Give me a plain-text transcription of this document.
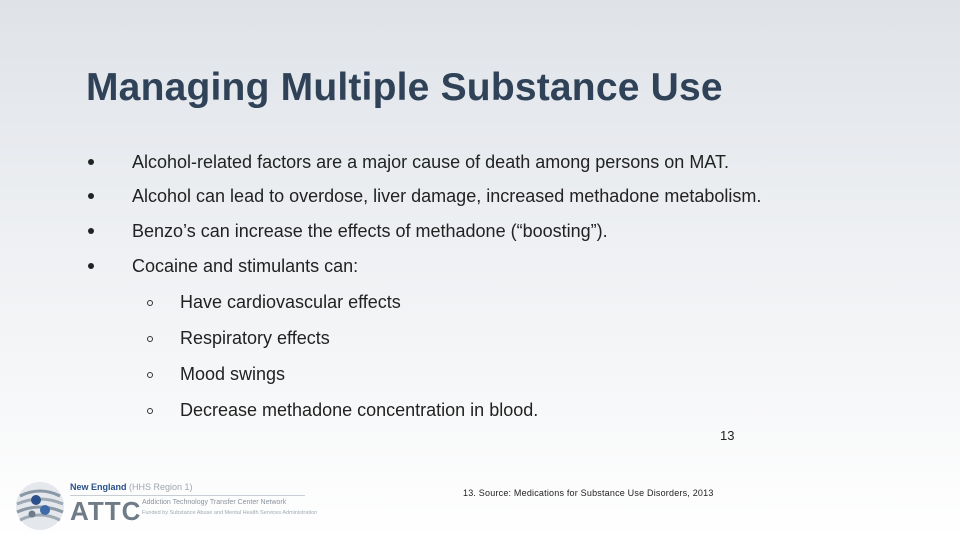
Managing Multiple Substance Use
Alcohol-related factors are a major cause of death among persons on MAT.
Alcohol can lead to overdose, liver damage, increased methadone metabolism.
Benzo’s can increase the effects of methadone (“boosting”).
Cocaine and stimulants can:
Have cardiovascular effects
Respiratory effects
Mood swings
Decrease methadone concentration in blood.
13
13. Source: Medications for Substance Use Disorders, 2013
New England (HHS Region 1)
ATTC Addiction Technology Transfer Center Network
Funded by Substance Abuse and Mental Health Services Administration
